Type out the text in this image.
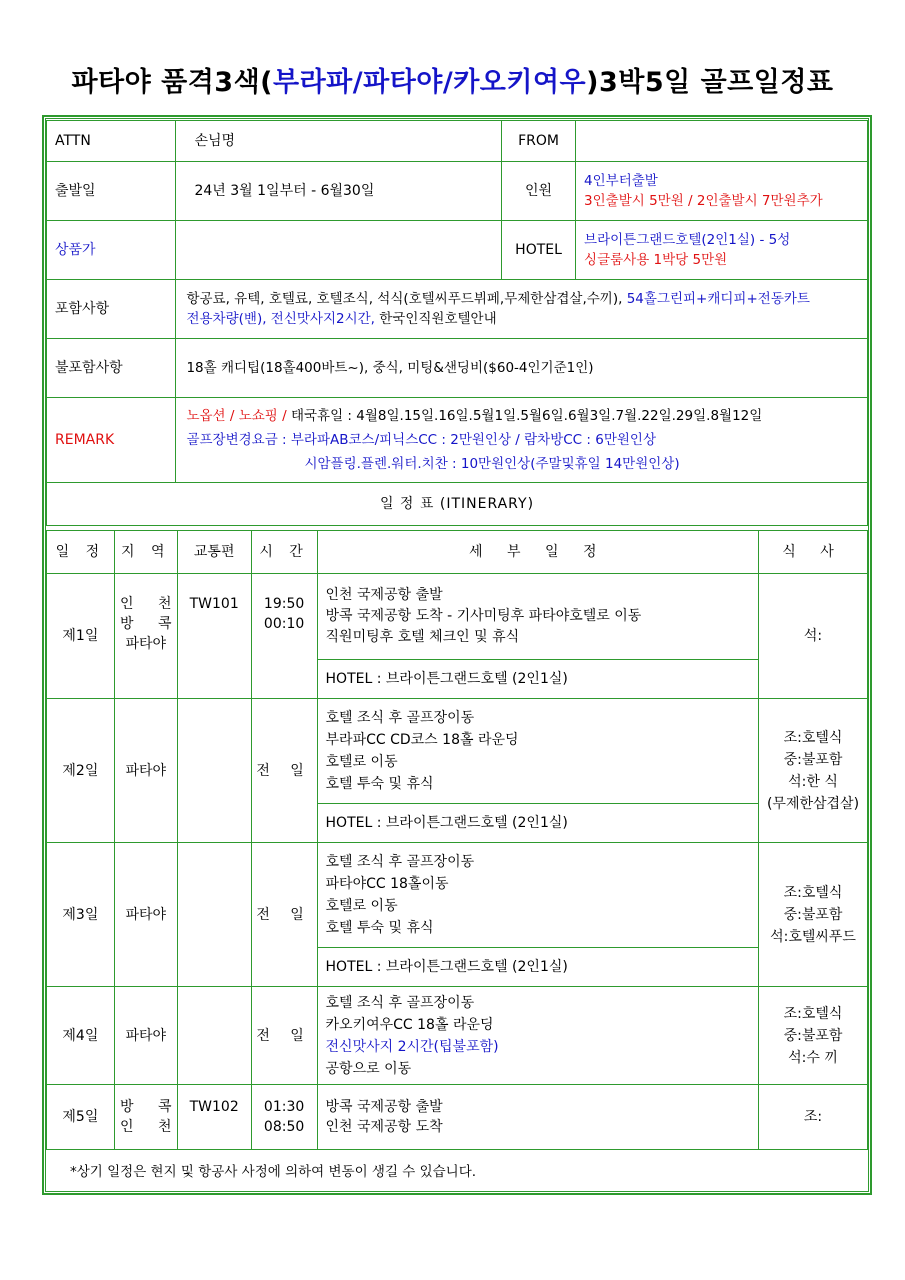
파타야 품격3색(부라파/파타야/카오키여우)3박5일 골프일정표
ATTN	손님명	FROM	
출발일	24년 3월 1일부터 - 6월30일	인원	4인부터출발
3인출발시 5만원 / 2인출발시 7만원추가

상품가		HOTEL	브라이튼그랜드호텔(2인1실) - 5성
싱글룸사용 1박당 5만원

포함사항	항공료, 유텍, 호텔료, 호텔조식, 석식(호텔씨푸드뷔페,무제한삼겹살,수끼), 54홀그린피+캐디피+전동카트
전용차량(밴), 전신맛사지2시간, 한국인직원호텔안내		

불포함사항	18홀 캐디팁(18홀400바트~), 중식, 미팅&샌딩비($60-4인기준1인)		
REMARK	노옵션 / 노쇼핑 / 태국휴일 : 4월8일.15일.16일.5월1일.5월6일.6월3일.7월.22일.29일.8월12일
골프장변경요금 : 부라파AB코스/피닉스CC : 2만원인상 / 람차방CC : 6만원인상
시암플링.플렌.워터.치찬 : 10만원인상(주말및휴일 14만원인상)		

일 정 표 (ITINERARY)			
일 정	지 역	교통편	시 간	세 부 일 정	식 사
제1일	인 천
방 콕
파타야	TW101	19:50
00:10	인천 국제공항 출발
방콕 국제공항 도착 - 기사미팅후 파타야호텔로 이동
직원미팅후 호텔 체크인 및 휴식	석:

				HOTEL : 브라이튼그랜드호텔 (2인1실)	
제2일	파타야		전 일	호텔 조식 후 골프장이동
부라파CC CD코스 18홀 라운딩
호텔로 이동
호텔 투숙 및 휴식	조:호텔식
중:불포함
석:한 식
(무제한삼겹살)

				HOTEL : 브라이튼그랜드호텔 (2인1실)	
제3일	파타야		전 일	호텔 조식 후 골프장이동
파타야CC 18홀이동
호텔로 이동
호텔 투숙 및 휴식	조:호텔식
중:불포함
석:호텔씨푸드

				HOTEL : 브라이튼그랜드호텔 (2인1실)	
제4일	파타야		전 일	호텔 조식 후 골프장이동
카오키여우CC 18홀 라운딩
전신맛사지 2시간(팁불포함)
공항으로 이동	조:호텔식
중:불포함
석:수 끼

제5일	방 콕
인 천	TW102	01:30
08:50	방콕 국제공항 출발
인천 국제공항 도착	조:
*상기 일정은 현지 및 항공사 사정에 의하여 변동이 생길 수 있습니다.
